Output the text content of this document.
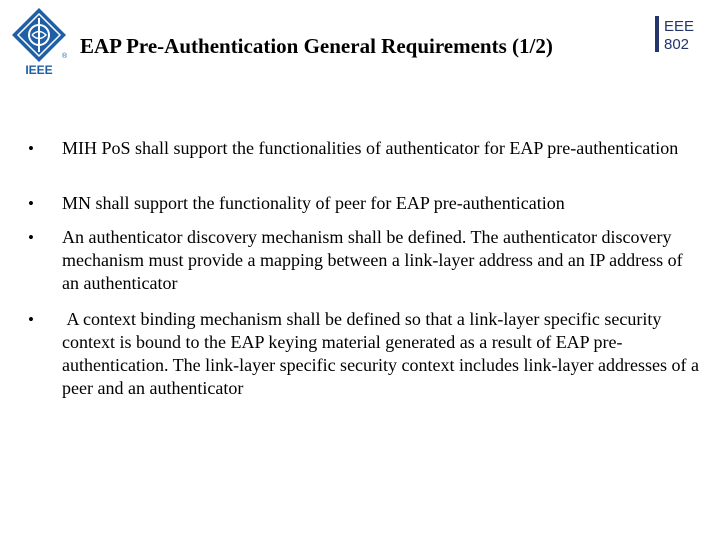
®
IEEE
EAP Pre-Authentication General Requirements (1/2)
EEE
802
• MIH PoS shall support the functionalities of authenticator for EAP pre-authentication
• MN shall support the functionality of peer for EAP pre-authentication
• An authenticator discovery mechanism shall be defined. The authenticator discovery mechanism must provide a mapping between a link-layer address and an IP address of an authenticator
• A context binding mechanism shall be defined so that a link-layer specific security context is bound to the EAP keying material generated as a result of EAP pre-authentication. The link-layer specific security context includes link-layer addresses of a peer and an authenticator
